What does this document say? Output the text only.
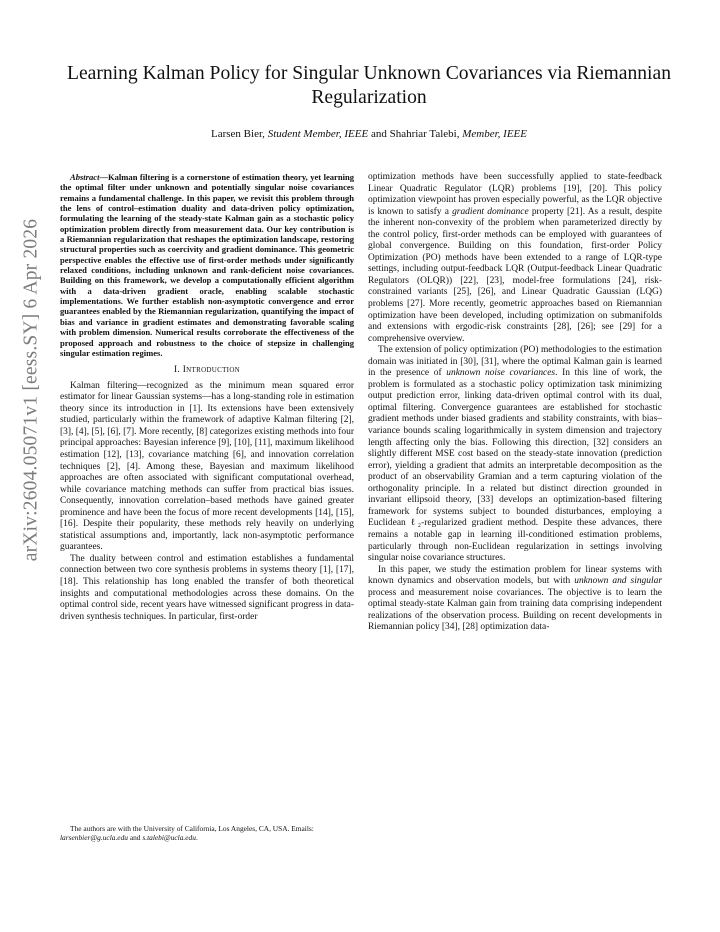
arXiv:2604.05071v1 [eess.SY] 6 Apr 2026
Learning Kalman Policy for Singular Unknown Covariances via Riemannian Regularization

Larsen Bier, Student Member, IEEE and Shahriar Talebi, Member, IEEE

Abstract—Kalman filtering is a cornerstone of estimation theory, yet learning the optimal filter under unknown and potentially singular noise covariances remains a fundamental challenge. In this paper, we revisit this problem through the lens of control–estimation duality and data-driven policy optimization, formulating the learning of the steady-state Kalman gain as a stochastic policy optimization problem directly from measurement data. Our key contribution is a Riemannian regularization that reshapes the optimization landscape, restoring structural properties such as coercivity and gradient dominance. This geometric perspective enables the effective use of first-order methods under significantly relaxed conditions, including unknown and rank-deficient noise covariances. Building on this framework, we develop a computationally efficient algorithm with a data-driven gradient oracle, enabling scalable stochastic implementations. We further establish non-asymptotic convergence and error guarantees enabled by the Riemannian regularization, quantifying the impact of bias and variance in gradient estimates and demonstrating favorable scaling with problem dimension. Numerical results corroborate the effectiveness of the proposed approach and robustness to the choice of stepsize in challenging singular estimation regimes.

I. Introduction

Kalman filtering—recognized as the minimum mean squared error estimator for linear Gaussian systems—has a long-standing role in estimation theory since its introduction in [1]. Its extensions have been extensively studied, particularly within the framework of adaptive Kalman filtering [2], [3], [4], [5], [6], [7]. More recently, [8] categorizes existing methods into four principal approaches: Bayesian inference [9], [10], [11], maximum likelihood estimation [12], [13], covariance matching [6], and innovation correlation techniques [2], [4]. Among these, Bayesian and maximum likelihood approaches are often associated with significant computational overhead, while covariance matching methods can suffer from practical bias issues. Consequently, innovation correlation–based methods have gained greater prominence and have been the focus of more recent developments [14], [15], [16]. Despite their popularity, these methods rely heavily on underlying statistical assumptions and, importantly, lack non-asymptotic performance guarantees.

The duality between control and estimation establishes a fundamental connection between two core synthesis problems in systems theory [1], [17], [18]. This relationship has long enabled the transfer of both theoretical insights and computational methodologies across these domains. On the optimal control side, recent years have witnessed significant progress in data-driven synthesis techniques. In particular, first-order

The authors are with the University of California, Los Angeles, CA, USA. Emails: larsenbier@g.ucla.edu and s.talebi@ucla.edu.

optimization methods have been successfully applied to state-feedback Linear Quadratic Regulator (LQR) problems [19], [20]. This policy optimization viewpoint has proven especially powerful, as the LQR objective is known to satisfy a gradient dominance property [21]. As a result, despite the inherent non-convexity of the problem when parameterized directly by the control policy, first-order methods can be employed with guarantees of global convergence. Building on this foundation, first-order Policy Optimization (PO) methods have been extended to a range of LQR-type settings, including output-feedback LQR (Output-feedback Linear Quadratic Regulators (OLQR)) [22], [23], model-free formulations [24], risk-constrained variants [25], [26], and Linear Quadratic Gaussian (LQG) problems [27]. More recently, geometric approaches based on Riemannian optimization have been developed, including optimization on submanifolds and extensions with ergodic-risk constraints [28], [26]; see [29] for a comprehensive overview.

The extension of policy optimization (PO) methodologies to the estimation domain was initiated in [30], [31], where the optimal Kalman gain is learned in the presence of unknown noise covariances. In this line of work, the problem is formulated as a stochastic policy optimization task minimizing output prediction error, linking data-driven optimal control with its dual, optimal filtering. Convergence guarantees are established for stochastic gradient methods under biased gradients and stability constraints, with bias–variance bounds scaling logarithmically in system dimension and trajectory length affecting only the bias. Following this direction, [32] considers an slightly different MSE cost based on the steady-state innovation (prediction error), yielding a gradient that admits an interpretable decomposition as the product of an observability Gramian and a term capturing violation of the orthogonality principle. In a related but distinct direction grounded in invariant ellipsoid theory, [33] develops an optimization-based filtering framework for systems subject to bounded disturbances, employing a Euclidean ℓ₂-regularized gradient method. Despite these advances, there remains a notable gap in learning ill-conditioned estimation problems, particularly through non-Euclidean regularization in settings involving singular noise covariance structures.

In this paper, we study the estimation problem for linear systems with known dynamics and observation models, but with unknown and singular process and measurement noise covariances. The objective is to learn the optimal steady-state Kalman gain from training data comprising independent realizations of the observation process. Building on recent developments in Riemannian policy [34], [28] optimization data-
